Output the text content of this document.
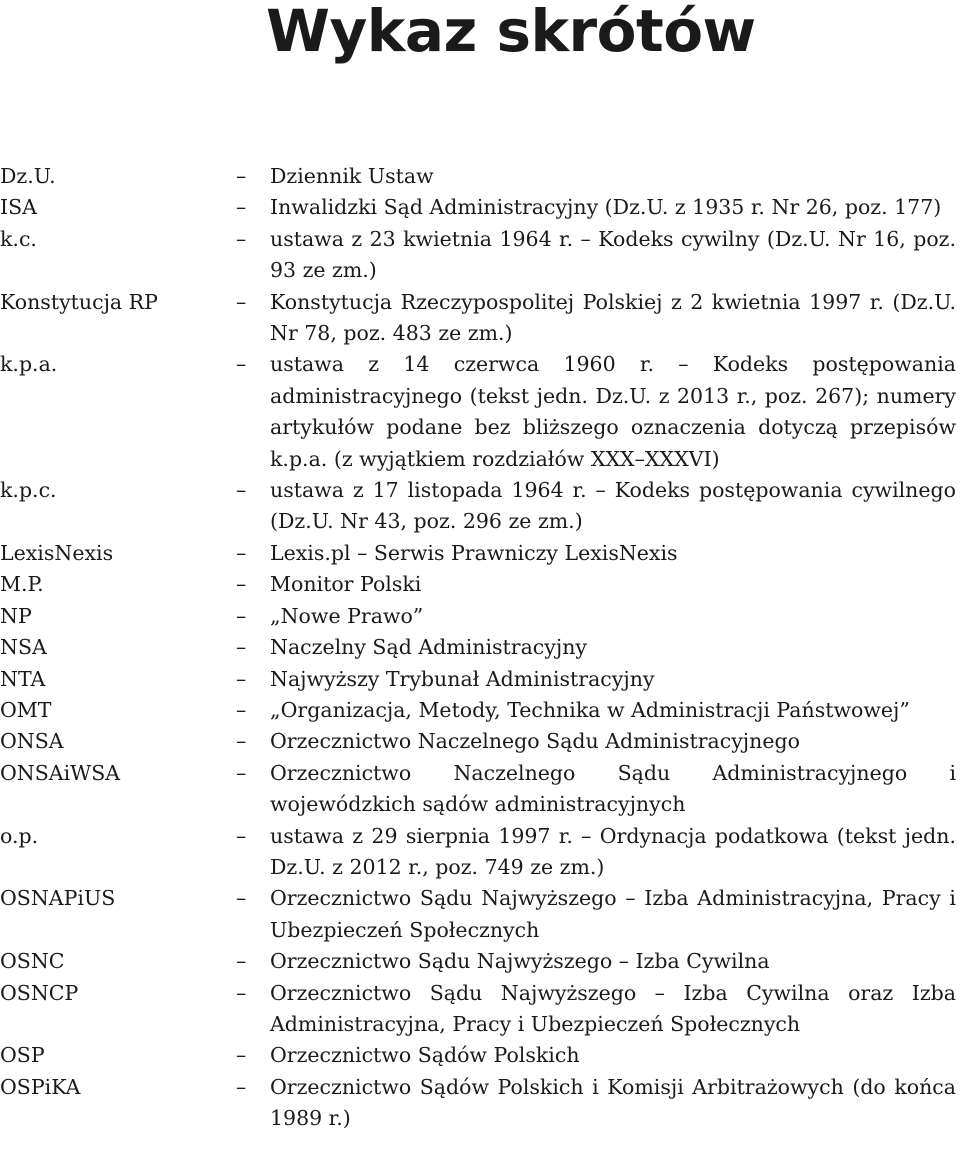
Wykaz skrótów
Dz.U.	–	Dziennik Ustaw
ISA	–	Inwalidzki Sąd Administracyjny (Dz.U. z 1935 r. Nr 26, poz. 177)
k.c.	–	ustawa z 23 kwietnia 1964 r. – Kodeks cywilny (Dz.U. Nr 16, poz. 93 ze zm.)
Konstytucja RP	–	Konstytucja Rzeczypospolitej Polskiej z 2 kwietnia 1997 r. (Dz.U. Nr 78, poz. 483 ze zm.)
k.p.a.	–	ustawa z 14 czerwca 1960 r. – Kodeks postępowania administracyjnego (tekst jedn. Dz.U. z 2013 r., poz. 267); numery artykułów podane bez bliższego oznaczenia dotyczą przepisów k.p.a. (z wyjątkiem rozdziałów XXX–XXXVI)
k.p.c.	–	ustawa z 17 listopada 1964 r. – Kodeks postępowania cywilnego (Dz.U. Nr 43, poz. 296 ze zm.)
LexisNexis	–	Lexis.pl – Serwis Prawniczy LexisNexis
M.P.	–	Monitor Polski
NP	–	„Nowe Prawo”
NSA	–	Naczelny Sąd Administracyjny
NTA	–	Najwyższy Trybunał Administracyjny
OMT	–	„Organizacja, Metody, Technika w Administracji Państwowej”
ONSA	–	Orzecznictwo Naczelnego Sądu Administracyjnego
ONSAiWSA	–	Orzecznictwo Naczelnego Sądu Administracyjnego i wojewódzkich sądów administracyjnych
o.p.	–	ustawa z 29 sierpnia 1997 r. – Ordynacja podatkowa (tekst jedn. Dz.U. z 2012 r., poz. 749 ze zm.)
OSNAPiUS	–	Orzecznictwo Sądu Najwyższego – Izba Administracyjna, Pracy i Ubezpieczeń Społecznych
OSNC	–	Orzecznictwo Sądu Najwyższego – Izba Cywilna
OSNCP	–	Orzecznictwo Sądu Najwyższego – Izba Cywilna oraz Izba Administracyjna, Pracy i Ubezpieczeń Społecznych
OSP	–	Orzecznictwo Sądów Polskich
OSPiKA	–	Orzecznictwo Sądów Polskich i Komisji Arbitrażowych (do końca 1989 r.)
